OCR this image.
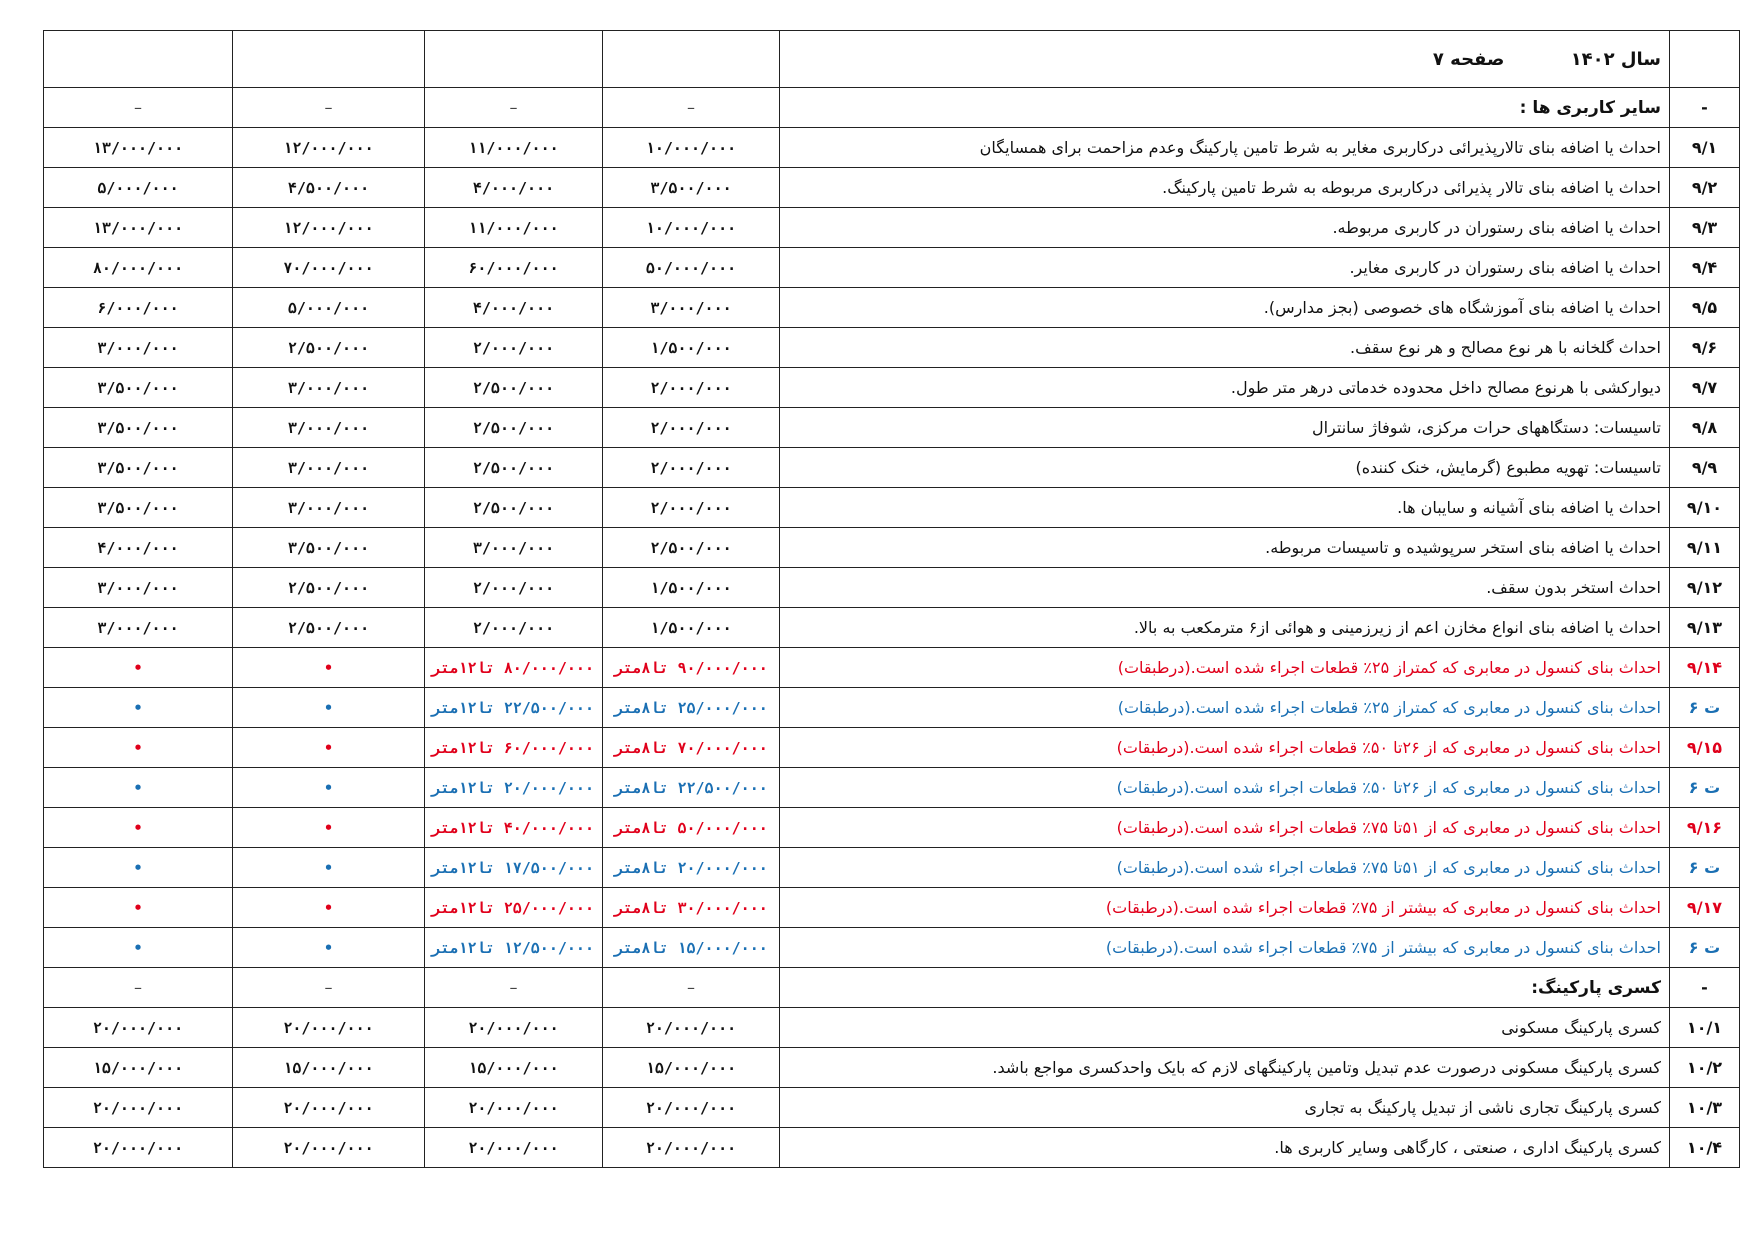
	سال ۱۴۰۲ صفحه ۷				
-	سایر کاربری ها :	–	–	–	–
۹/۱	احداث یا اضافه بنای تالارپذیرائی درکاربری مغایر به شرط تامین پارکینگ وعدم مزاحمت برای همسایگان	۱۰/۰۰۰/۰۰۰	۱۱/۰۰۰/۰۰۰	۱۲/۰۰۰/۰۰۰	۱۳/۰۰۰/۰۰۰
۹/۲	احداث یا اضافه بنای تالار پذیرائی درکاربری مربوطه به شرط تامین پارکینگ.	۳/۵۰۰/۰۰۰	۴/۰۰۰/۰۰۰	۴/۵۰۰/۰۰۰	۵/۰۰۰/۰۰۰
۹/۳	احداث یا اضافه بنای رستوران در کاربری مربوطه.	۱۰/۰۰۰/۰۰۰	۱۱/۰۰۰/۰۰۰	۱۲/۰۰۰/۰۰۰	۱۳/۰۰۰/۰۰۰
۹/۴	احداث یا اضافه بنای رستوران در کاربری مغایر.	۵۰/۰۰۰/۰۰۰	۶۰/۰۰۰/۰۰۰	۷۰/۰۰۰/۰۰۰	۸۰/۰۰۰/۰۰۰
۹/۵	احداث یا اضافه بنای آموزشگاه های خصوصی (بجز مدارس).	۳/۰۰۰/۰۰۰	۴/۰۰۰/۰۰۰	۵/۰۰۰/۰۰۰	۶/۰۰۰/۰۰۰
۹/۶	احداث گلخانه با هر نوع مصالح و هر نوع سقف.	۱/۵۰۰/۰۰۰	۲/۰۰۰/۰۰۰	۲/۵۰۰/۰۰۰	۳/۰۰۰/۰۰۰
۹/۷	دیوارکشی با هرنوع مصالح داخل محدوده خدماتی درهر متر طول.	۲/۰۰۰/۰۰۰	۲/۵۰۰/۰۰۰	۳/۰۰۰/۰۰۰	۳/۵۰۰/۰۰۰
۹/۸	تاسیسات: دستگاههای حرات مرکزی، شوفاژ سانترال	۲/۰۰۰/۰۰۰	۲/۵۰۰/۰۰۰	۳/۰۰۰/۰۰۰	۳/۵۰۰/۰۰۰
۹/۹	تاسیسات: تهویه مطبوع (گرمایش، خنک کننده)	۲/۰۰۰/۰۰۰	۲/۵۰۰/۰۰۰	۳/۰۰۰/۰۰۰	۳/۵۰۰/۰۰۰
۹/۱۰	احداث یا اضافه بنای آشیانه و سایبان ها.	۲/۰۰۰/۰۰۰	۲/۵۰۰/۰۰۰	۳/۰۰۰/۰۰۰	۳/۵۰۰/۰۰۰
۹/۱۱	احداث یا اضافه بنای استخر سرپوشیده و تاسیسات مربوطه.	۲/۵۰۰/۰۰۰	۳/۰۰۰/۰۰۰	۳/۵۰۰/۰۰۰	۴/۰۰۰/۰۰۰
۹/۱۲	احداث استخر بدون سقف.	۱/۵۰۰/۰۰۰	۲/۰۰۰/۰۰۰	۲/۵۰۰/۰۰۰	۳/۰۰۰/۰۰۰
۹/۱۳	احداث یا اضافه بنای انواع مخازن اعم از زیرزمینی و هوائی از۶ مترمکعب به بالا.	۱/۵۰۰/۰۰۰	۲/۰۰۰/۰۰۰	۲/۵۰۰/۰۰۰	۳/۰۰۰/۰۰۰
۹/۱۴	احداث بنای کنسول در معابری که کمتراز ۲۵٪ قطعات اجراء شده است.(درطبقات)	۹۰/۰۰۰/۰۰۰ تا۸متر	۸۰/۰۰۰/۰۰۰ تا۱۲متر	•	•
ت ۶	احداث بنای کنسول در معابری که کمتراز ۲۵٪ قطعات اجراء شده است.(درطبقات)	۲۵/۰۰۰/۰۰۰ تا۸متر	۲۲/۵۰۰/۰۰۰ تا۱۲متر	•	•
۹/۱۵	احداث بنای کنسول در معابری که از ۲۶تا ۵۰٪ قطعات اجراء شده است.(درطبقات)	۷۰/۰۰۰/۰۰۰ تا۸متر	۶۰/۰۰۰/۰۰۰ تا۱۲متر	•	•
ت ۶	احداث بنای کنسول در معابری که از ۲۶تا ۵۰٪ قطعات اجراء شده است.(درطبقات)	۲۲/۵۰۰/۰۰۰ تا۸متر	۲۰/۰۰۰/۰۰۰ تا۱۲متر	•	•
۹/۱۶	احداث بنای کنسول در معابری که از ۵۱تا ۷۵٪ قطعات اجراء شده است.(درطبقات)	۵۰/۰۰۰/۰۰۰ تا۸متر	۴۰/۰۰۰/۰۰۰ تا۱۲متر	•	•
ت ۶	احداث بنای کنسول در معابری که از ۵۱تا ۷۵٪ قطعات اجراء شده است.(درطبقات)	۲۰/۰۰۰/۰۰۰ تا۸متر	۱۷/۵۰۰/۰۰۰ تا۱۲متر	•	•
۹/۱۷	احداث بنای کنسول در معابری که بیشتر از ۷۵٪ قطعات اجراء شده است.(درطبقات)	۳۰/۰۰۰/۰۰۰ تا۸متر	۲۵/۰۰۰/۰۰۰ تا۱۲متر	•	•
ت ۶	احداث بنای کنسول در معابری که بیشتر از ۷۵٪ قطعات اجراء شده است.(درطبقات)	۱۵/۰۰۰/۰۰۰ تا۸متر	۱۲/۵۰۰/۰۰۰ تا۱۲متر	•	•
-	کسری پارکینگ:	–	–	–	–
۱۰/۱	کسری پارکینگ مسکونی	۲۰/۰۰۰/۰۰۰	۲۰/۰۰۰/۰۰۰	۲۰/۰۰۰/۰۰۰	۲۰/۰۰۰/۰۰۰
۱۰/۲	کسری پارکینگ مسکونی درصورت عدم تبدیل وتامین پارکینگهای لازم که بایک واحدکسری مواجع باشد.	۱۵/۰۰۰/۰۰۰	۱۵/۰۰۰/۰۰۰	۱۵/۰۰۰/۰۰۰	۱۵/۰۰۰/۰۰۰
۱۰/۳	کسری پارکینگ تجاری ناشی از تبدیل پارکینگ به تجاری	۲۰/۰۰۰/۰۰۰	۲۰/۰۰۰/۰۰۰	۲۰/۰۰۰/۰۰۰	۲۰/۰۰۰/۰۰۰
۱۰/۴	کسری پارکینگ اداری ، صنعتی ، کارگاهی وسایر کاربری ها.	۲۰/۰۰۰/۰۰۰	۲۰/۰۰۰/۰۰۰	۲۰/۰۰۰/۰۰۰	۲۰/۰۰۰/۰۰۰
